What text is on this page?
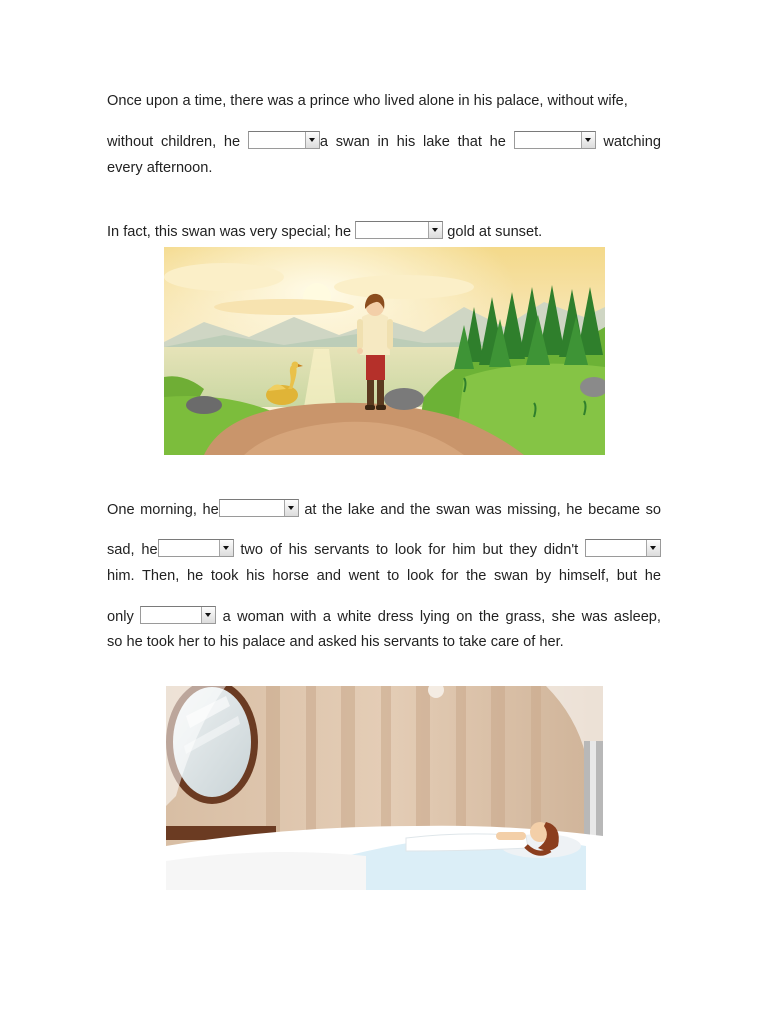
Once upon a time, there was a prince who lived alone in his palace, without wife,
without children, he	a swan in his lake that he	watching
every afternoon.
In fact, this swan was very special; he	gold at sunset.
One morning, he	at the lake and the swan was missing, he became so
sad, he	two of his servants to look for him but they didn't
him. Then, he took his horse and went to look for the swan by himself, but he
only	a woman with a white dress lying on the grass, she was asleep,
so he took her to his palace and asked his servants to take care of her.
